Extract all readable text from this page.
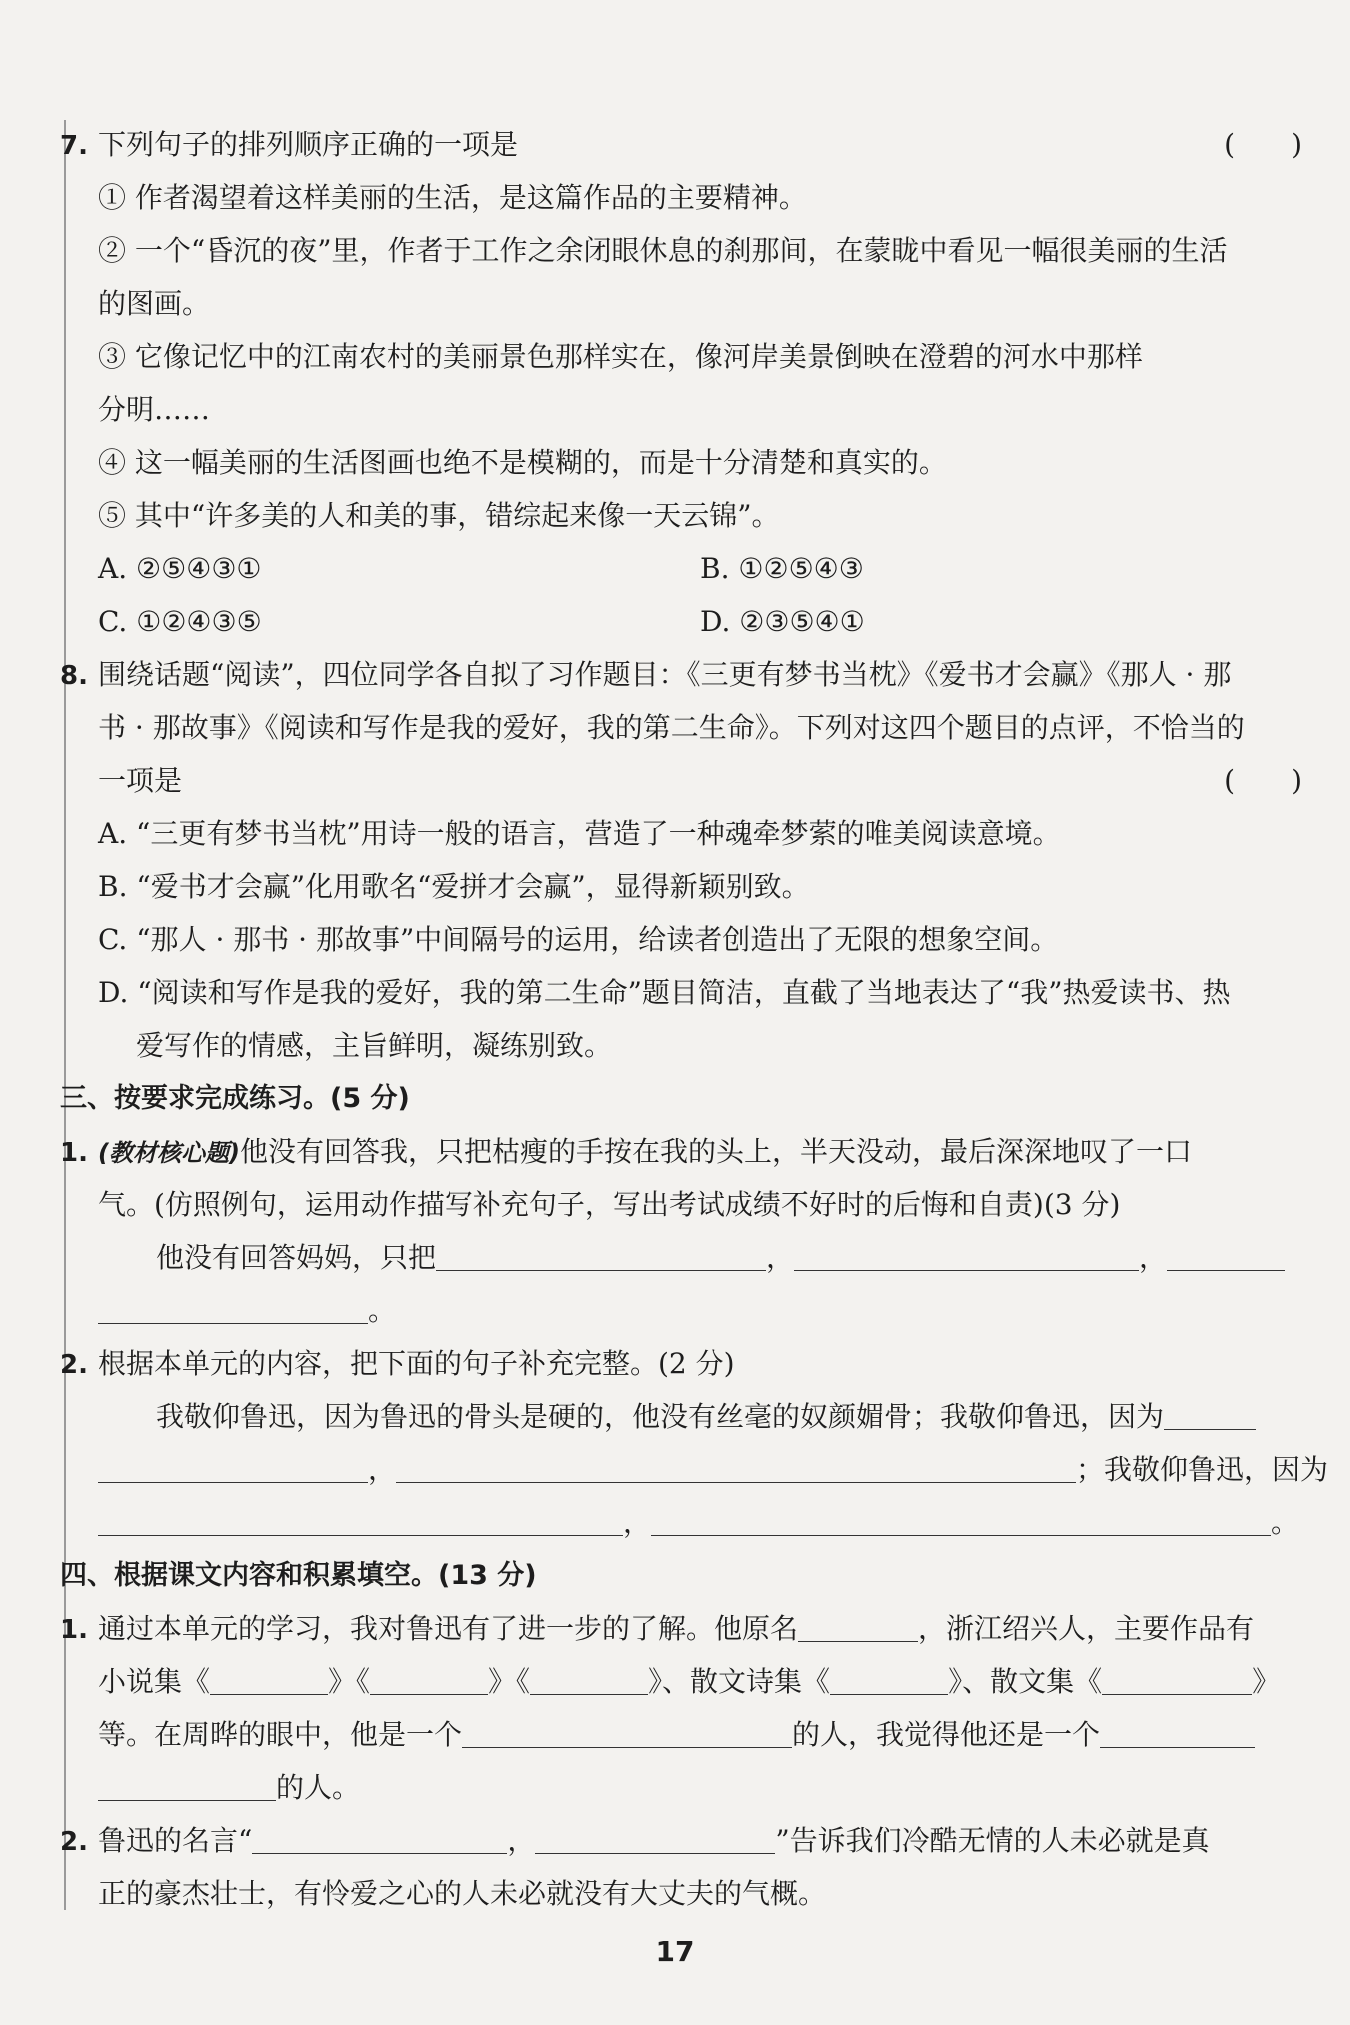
7. 下列句子的排列顺序正确的一项是	(　　)
① 作者渴望着这样美丽的生活，是这篇作品的主要精神。
② 一个“昏沉的夜”里，作者于工作之余闭眼休息的刹那间，在蒙眬中看见一幅很美丽的生活
的图画。
③ 它像记忆中的江南农村的美丽景色那样实在，像河岸美景倒映在澄碧的河水中那样
分明……
④ 这一幅美丽的生活图画也绝不是模糊的，而是十分清楚和真实的。
⑤ 其中“许多美的人和美的事，错综起来像一天云锦”。
A. ②⑤④③①	B. ①②⑤④③
C. ①②④③⑤	D. ②③⑤④①
8. 围绕话题“阅读”，四位同学各自拟了习作题目：《三更有梦书当枕》《爱书才会赢》《那人 · 那
书 · 那故事》《阅读和写作是我的爱好，我的第二生命》。下列对这四个题目的点评，不恰当的
一项是	(　　)
A. “三更有梦书当枕”用诗一般的语言，营造了一种魂牵梦萦的唯美阅读意境。
B. “爱书才会赢”化用歌名“爱拼才会赢”，显得新颖别致。
C. “那人 · 那书 · 那故事”中间隔号的运用，给读者创造出了无限的想象空间。
D. “阅读和写作是我的爱好，我的第二生命”题目简洁，直截了当地表达了“我”热爱读书、热
爱写作的情感，主旨鲜明，凝练别致。
三、按要求完成练习。(5 分)
1. (教材核心题)他没有回答我，只把枯瘦的手按在我的头上，半天没动，最后深深地叹了一口
气。(仿照例句，运用动作描写补充句子，写出考试成绩不好时的后悔和自责)(3 分)
他没有回答妈妈，只把	，	，
。
2. 根据本单元的内容，把下面的句子补充完整。(2 分)
我敬仰鲁迅，因为鲁迅的骨头是硬的，他没有丝毫的奴颜媚骨；我敬仰鲁迅，因为
，	；我敬仰鲁迅，因为
，	。
四、根据课文内容和积累填空。(13 分)
1. 通过本单元的学习，我对鲁迅有了进一步的了解。他原名	，浙江绍兴人，主要作品有
小说集《	》《	》《	》、散文诗集《	》、散文集《	》
等。在周晔的眼中，他是一个	的人，我觉得他还是一个
的人。
2. 鲁迅的名言“	，	”告诉我们冷酷无情的人未必就是真
正的豪杰壮士，有怜爱之心的人未必就没有大丈夫的气概。
17
